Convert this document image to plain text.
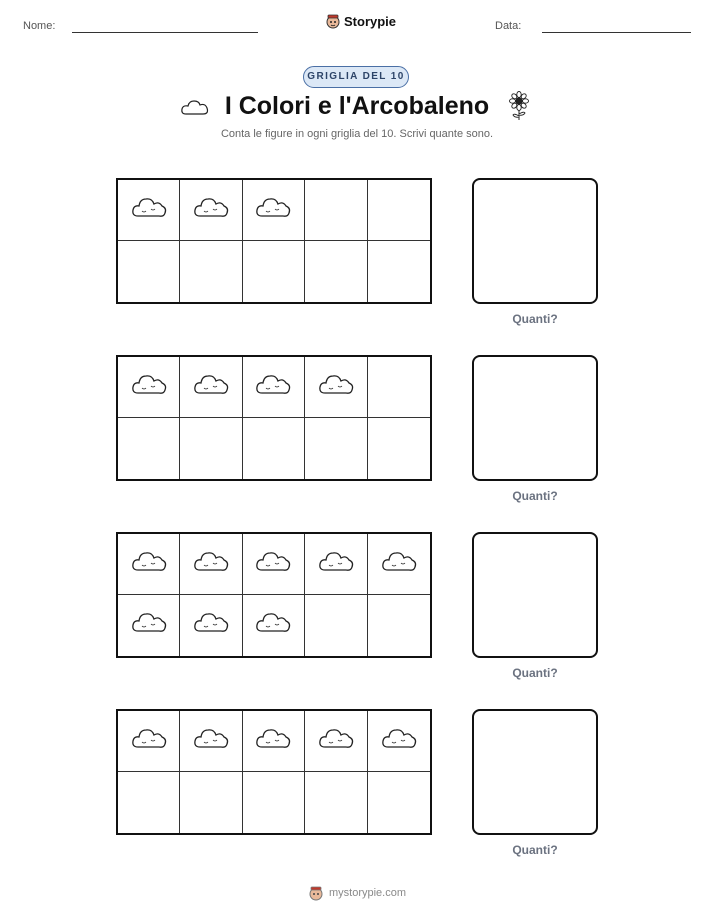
Nome:	Storypie	Data:
GRIGLIA DEL 10
I Colori e l'Arcobaleno
Conta le figure in ogni griglia del 10. Scrivi quante sono.
Quanti?
Quanti?
Quanti?
Quanti?
mystorypie.com
